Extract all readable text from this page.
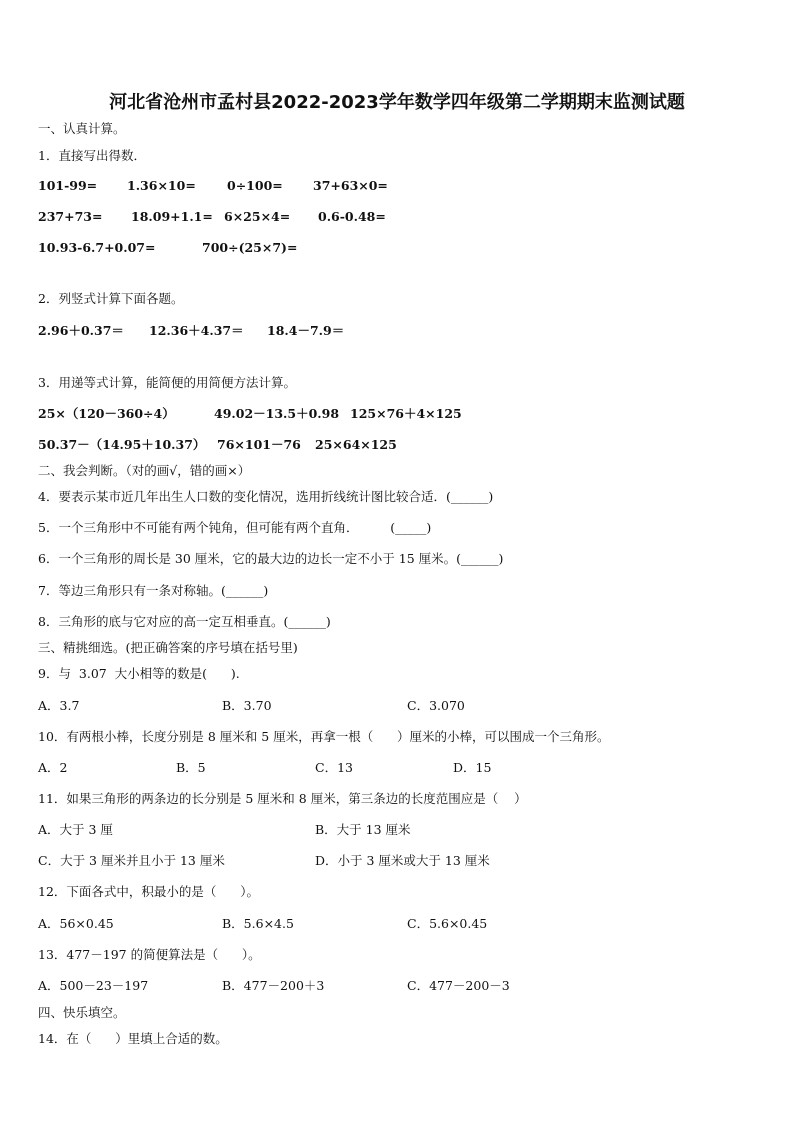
河北省沧州市孟村县2022-2023学年数学四年级第二学期期末监测试题
一、认真计算。
1．直接写出得数．
101-99= 1.36×10= 0÷100= 37+63×0=
237+73= 18.09+1.1= 6×25×4= 0.6-0.48=
10.93-6.7+0.07=	700÷(25×7)=
2．列竖式计算下面各题。
2.96＋0.37＝ 12.36＋4.37＝ 18.4－7.9＝
3．用递等式计算，能简便的用简便方法计算。
25×（120－360÷4）	49.02－13.5＋0.98 125×76＋4×125
50.37－（14.95＋10.37） 76×101－76 25×64×125
二、我会判断。（对的画√，错的画×）
4．要表示某市近几年出生人口数的变化情况，选用折线统计图比较合适．(______)
5．一个三角形中不可能有两个钝角，但可能有两个直角．        (_____)
6．一个三角形的周长是 30 厘米，它的最大边的边长一定不小于 15 厘米。(______)
7．等边三角形只有一条对称轴。(______)
8．三角形的底与它对应的高一定互相垂直。(______)
三、精挑细选。(把正确答案的序号填在括号里)
9．与  3.07  大小相等的数是(      ).
A．3.7	B．3.70	C．3.070
10．有两根小棒，长度分别是 8 厘米和 5 厘米，再拿一根（      ）厘米的小棒，可以围成一个三角形。
A．2	B．5	C．13	D．15
11．如果三角形的两条边的长分别是 5 厘米和 8 厘米，第三条边的长度范围应是（    ）
A．大于 3 厘	B．大于 13 厘米
C．大于 3 厘米并且小于 13 厘米	D．小于 3 厘米或大于 13 厘米
12．下面各式中，积最小的是（      ）。
A．56×0.45	B．5.6×4.5	C．5.6×0.45
13．477－197 的简便算法是（      ）。
A．500－23－197	B．477－200＋3	C．477－200－3
四、快乐填空。
14．在（      ）里填上合适的数。
